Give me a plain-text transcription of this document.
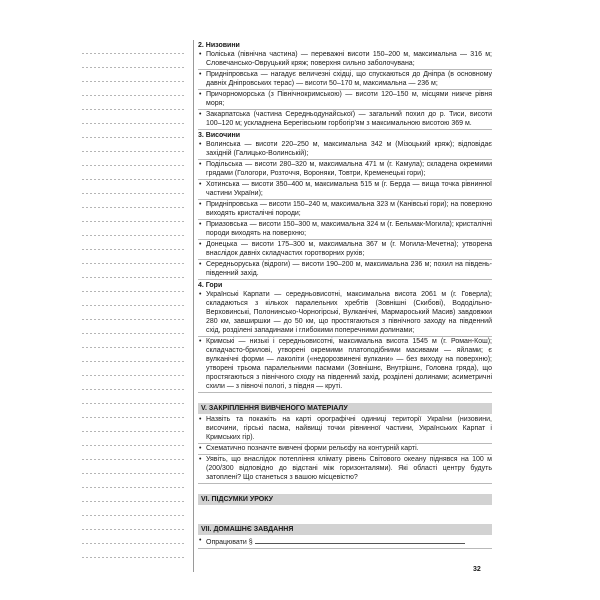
2. Низовини
• Поліська (північна частина) — переважні висоти 150–200 м, максимальна — 316 м; Словечансько-Овруцький кряж; поверхня сильно заболочувана;
• Придніпровська — нагадує величезні східці, що спускаються до Дніпра (в основному давніх Дніпровських терас) — висоти 50–170 м, максимальна — 236 м;
• Причорноморська (з Північнокримською) — висоти 120–150 м, місцями нижче рівня моря;
• Закарпатська (частина Середньодунайської) — загальний похил до р. Тиси, висоти 100–120 м; ускладнена Берегівським горбогір'ям з максимальною висотою 369 м.
3. Височини
• Волинська — висоти 220–250 м, максимальна 342 м (Мізоцький кряж); відповідає західній (Галицько-Волинській);
• Подільська — висоти 280–320 м, максимальна 471 м (г. Камула); складена окремими грядами (Гологори, Розточчя, Вороняки, Товтри, Кременецькі гори);
• Хотинська — висоти 350–400 м, максимальна 515 м (г. Берда — вища точка рівнинної частини України);
• Придніпровська — висоти 150–240 м, максимальна 323 м (Канівські гори); на поверхню виходять кристалічні породи;
• Приазовська — висоти 150–300 м, максимальна 324 м (г. Бельмак-Могила); кристалічні породи виходять на поверхню;
• Донецька — висоти 175–300 м, максимальна 367 м (г. Могила-Мечетна); утворена внаслідок давніх складчастих горотворних рухів;
• Середньоруська (відроги) — висоти 190–200 м, максимальна 236 м; похил на південь-південний захід.
4. Гори
• Українські Карпати — середньовисотні, максимальна висота 2061 м (г. Говерла); складаються з кількох паралельних хребтів (Зовнішні (Скибові), Вододільно-Верховинські, Полонинсько-Чорногірські, Вулканічні, Мармароський Масив) завдовжки 280 км, завширшки — до 50 км, що простягаються з північного заходу на південний схід, розділені западинами і глибокими поперечними долинами;
• Кримські — низькі і середньовисотні, максимальна висота 1545 м (г. Роман-Кош); складчасто-брилові, утворені окремими платоподібними масивами — яйлами; є вулканічні форми — лаколіти («недорозвинені вулкани» — без виходу на поверхню); утворені трьома паралельними пасмами (Зовнішнє, Внутрішнє, Головна гряда), що простягаються з північного сходу на південний захід, розділені долинами; асиметричні схили — з півночі пологі, з півдня — круті.
V. ЗАКРІПЛЕННЯ ВИВЧЕНОГО МАТЕРІАЛУ
• Назвіть та покажіть на карті орографічні одиниці території України (низовини, височини, гірські пасма, найвищі точки рівнинної частини, Українських Карпат і Кримських гір).
• Схематично позначте вивчені форми рельєфу на контурній карті.
• Уявіть, що внаслідок потепління клімату рівень Світового океану піднявся на 100 м (200/300 відповідно до відстані між горизонталями). Які області центру будуть затоплені? Що станеться з вашою місцевістю?
VI. ПІДСУМКИ УРОКУ
VII. ДОМАШНЄ ЗАВДАННЯ
• Опрацювати §
32
